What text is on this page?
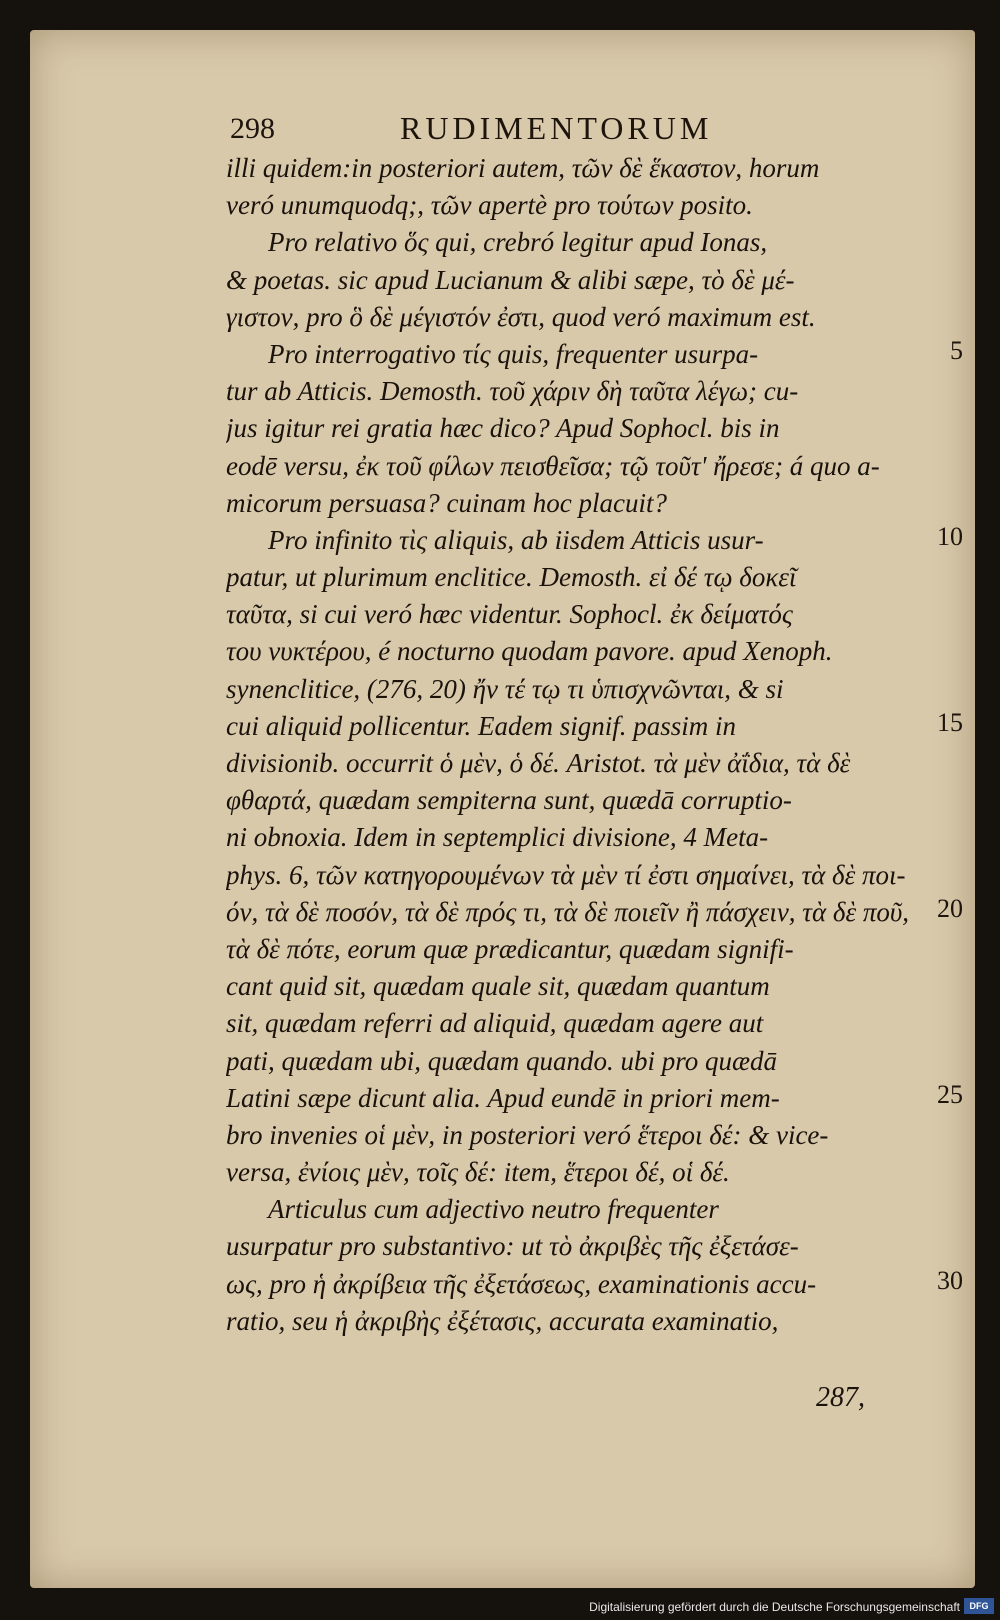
298	RUDIMENTORUM
illi quidem:in posteriori autem, τῶν δὲ ἕκαστον, horum
veró unumquodq;, τῶν apertè pro τούτων posito.
Pro relativo ὅς qui, crebró legitur apud Ionas,
& poetas. sic apud Lucianum & alibi sæpe, τὸ δὲ μέ-
γιστον, pro ὃ δὲ μέγιστόν ἐστι, quod veró maximum est.
Pro interrogativo τίς quis, frequenter usurpa-
tur ab Atticis. Demosth. τοῦ χάριν δὴ ταῦτα λέγω; cu-
jus igitur rei gratia hæc dico? Apud Sophocl. bis in
eodē versu, ἐκ τοῦ φίλων πεισθεῖσα; τῷ τοῦτ' ἤρεσε; á quo a-
micorum persuasa? cuinam hoc placuit?
Pro infinito τὶς aliquis, ab iisdem Atticis usur-
patur, ut plurimum enclitice. Demosth. εἰ δέ τῳ δοκεῖ
ταῦτα, si cui veró hæc videntur. Sophocl. ἐκ δείματός
του νυκτέρου, é nocturno quodam pavore. apud Xenoph.
synenclitice, (276, 20) ἤν τέ τῳ τι ὑπισχνῶνται, & si
cui aliquid pollicentur. Eadem signif. passim in
divisionib. occurrit ὁ μὲν, ὁ δέ. Aristot. τὰ μὲν ἀΐδια, τὰ δὲ
φθαρτά, quædam sempiterna sunt, quædā corruptio-
ni obnoxia. Idem in septemplici divisione, 4 Meta-
phys. 6, τῶν κατηγορουμένων τὰ μὲν τί ἐστι σημαίνει, τὰ δὲ ποι-
όν, τὰ δὲ ποσόν, τὰ δὲ πρός τι, τὰ δὲ ποιεῖν ἢ πάσχειν, τὰ δὲ ποῦ,
τὰ δὲ πότε, eorum quæ prædicantur, quædam signifi-
cant quid sit, quædam quale sit, quædam quantum
sit, quædam referri ad aliquid, quædam agere aut
pati, quædam ubi, quædam quando. ubi pro quædā
Latini sæpe dicunt alia. Apud eundē in priori mem-
bro invenies οἱ μὲν, in posteriori veró ἕτεροι δέ: & vice-
versa, ἐνίοις μὲν, τοῖς δέ: item, ἕτεροι δέ, οἱ δέ.
Articulus cum adjectivo neutro frequenter
usurpatur pro substantivo: ut τὸ ἀκριβὲς τῆς ἐξετάσε-
ως, pro ἡ ἀκρίβεια τῆς ἐξετάσεως, examinationis accu-
ratio, seu ἡ ἀκριβὴς ἐξέτασις, accurata examinatio,
5
10
15
20
25
30
287,
Digitalisierung gefördert durch die Deutsche Forschungsgemeinschaft	DFG
